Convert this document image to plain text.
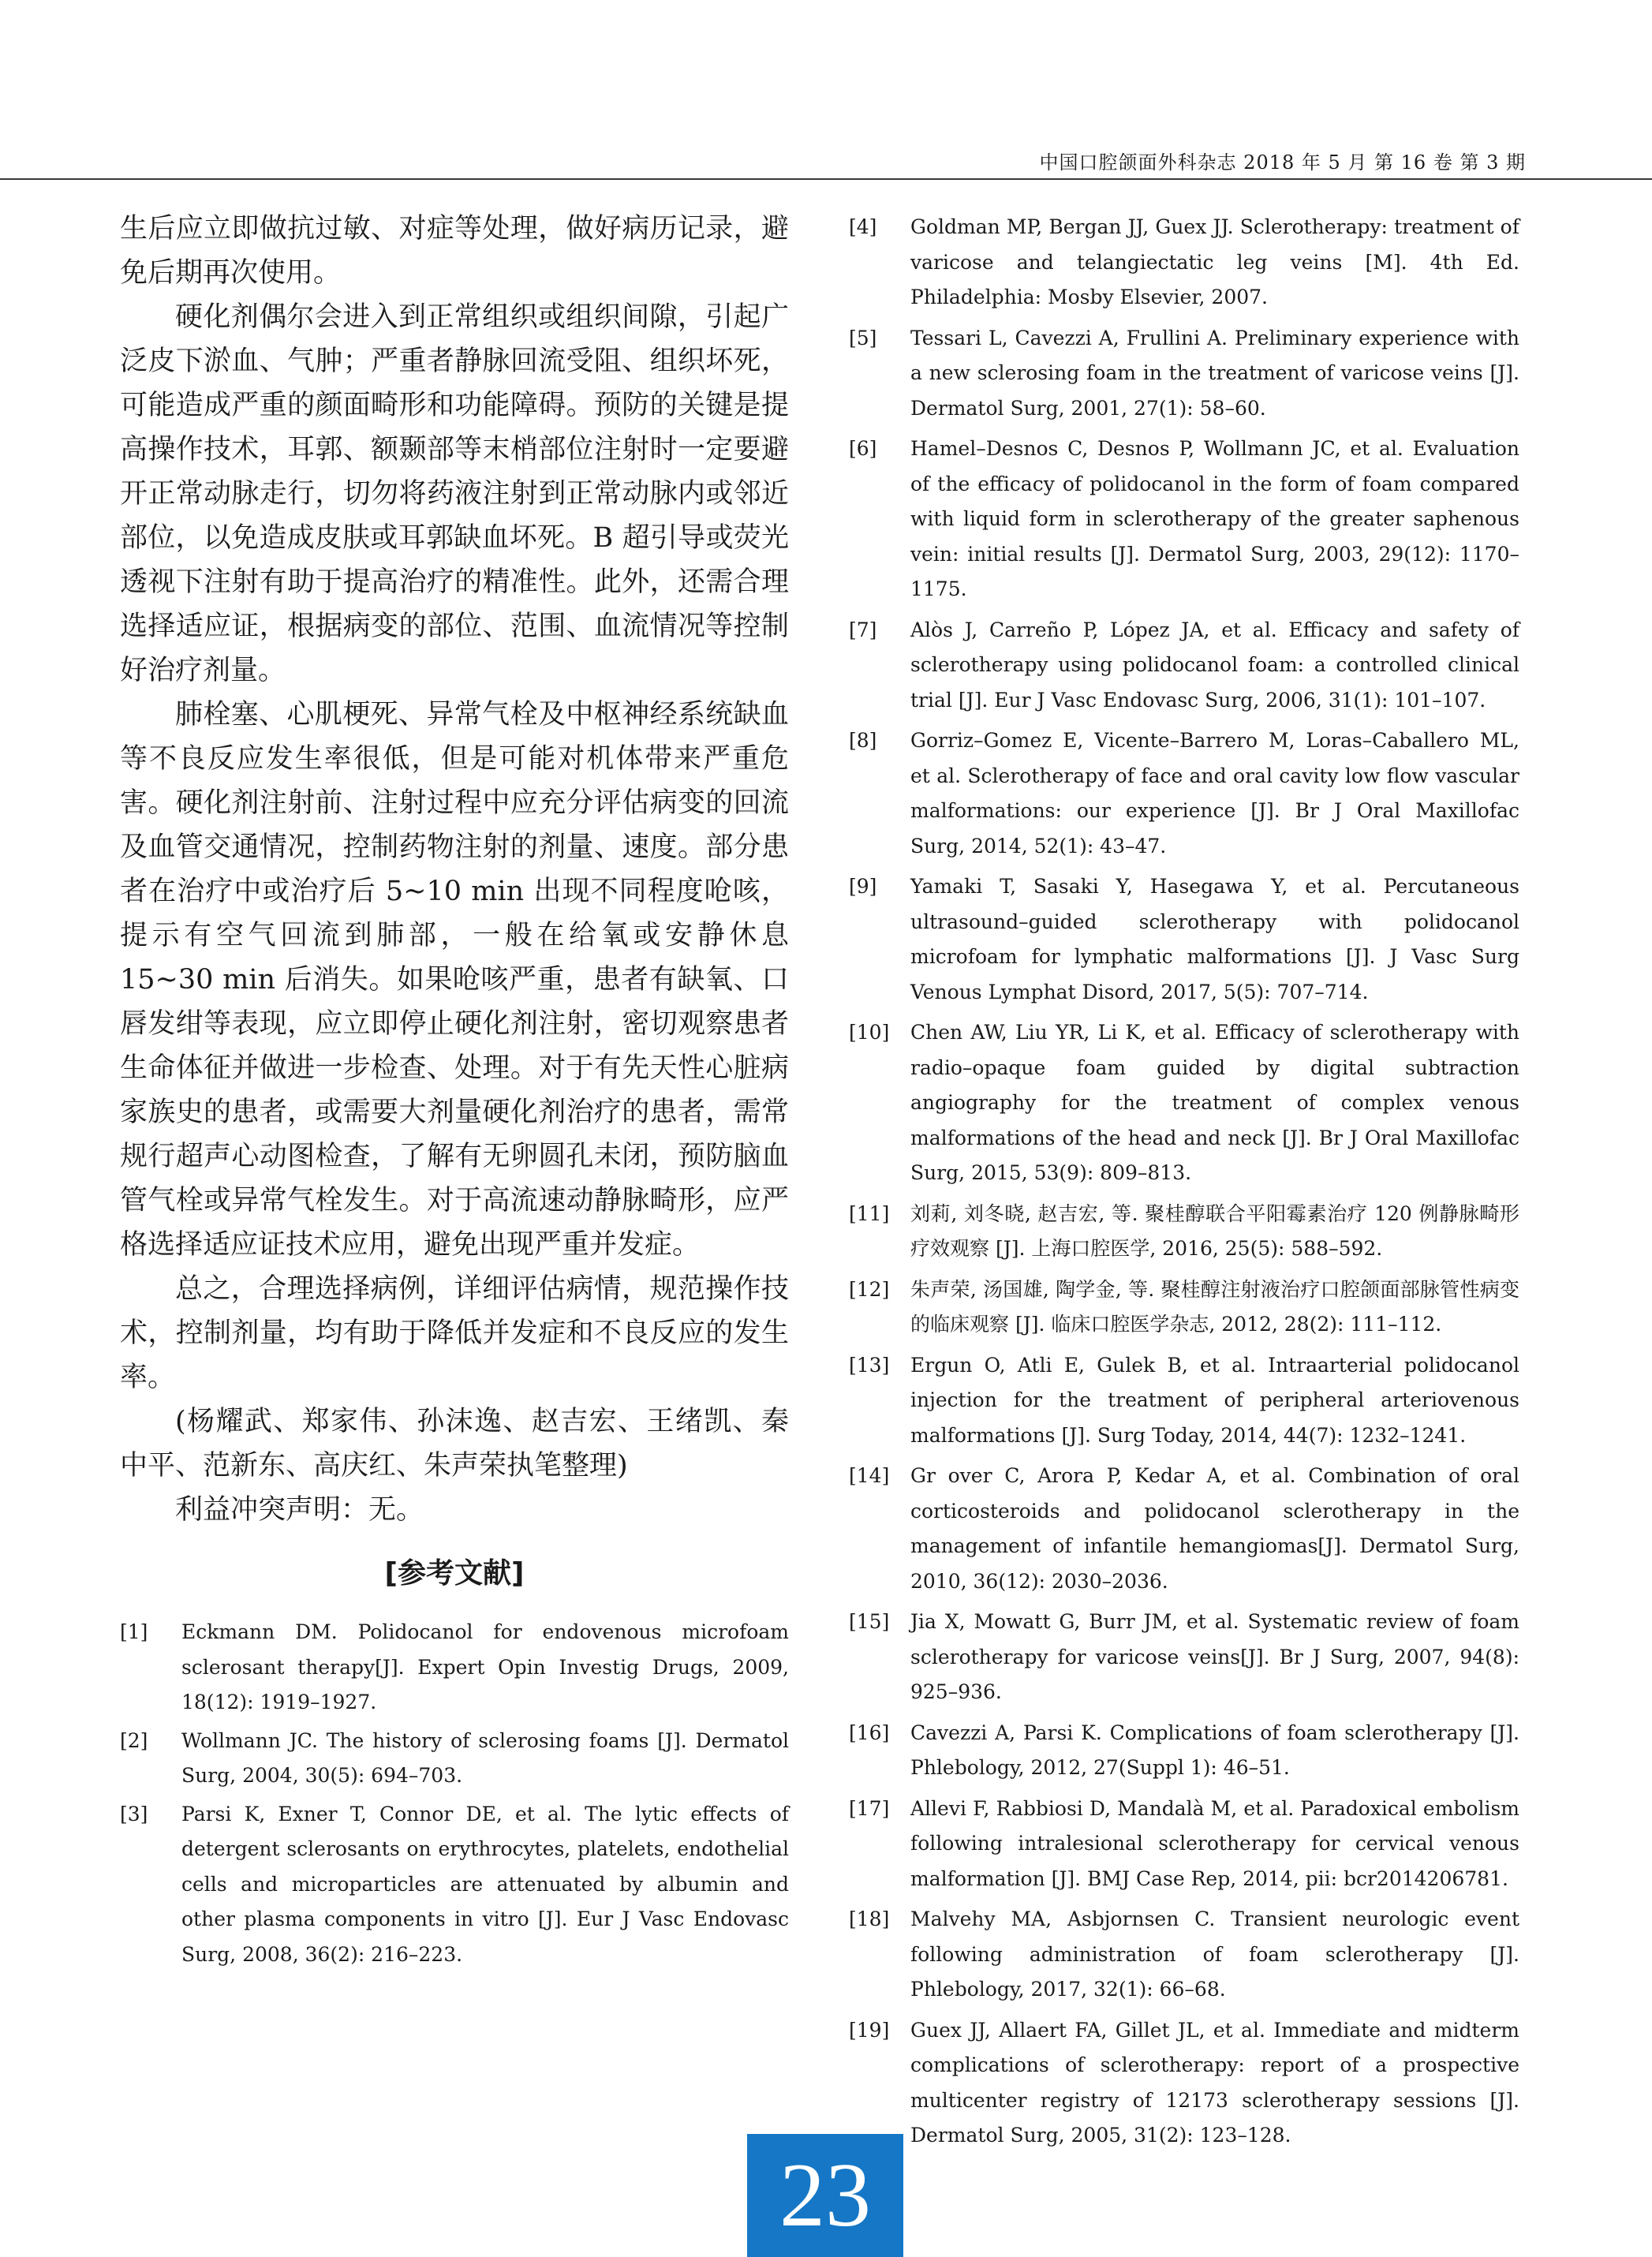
中国口腔颌面外科杂志 2018 年 5 月 第 16 卷 第 3 期

生后应立即做抗过敏、对症等处理，做好病历记录，避免后期再次使用。

硬化剂偶尔会进入到正常组织或组织间隙，引起广泛皮下淤血、气肿；严重者静脉回流受阻、组织坏死，可能造成严重的颜面畸形和功能障碍。预防的关键是提高操作技术，耳郭、额颞部等末梢部位注射时一定要避开正常动脉走行，切勿将药液注射到正常动脉内或邻近部位，以免造成皮肤或耳郭缺血坏死。B 超引导或荧光透视下注射有助于提高治疗的精准性。此外，还需合理选择适应证，根据病变的部位、范围、血流情况等控制好治疗剂量。

肺栓塞、心肌梗死、异常气栓及中枢神经系统缺血等不良反应发生率很低，但是可能对机体带来严重危害。硬化剂注射前、注射过程中应充分评估病变的回流及血管交通情况，控制药物注射的剂量、速度。部分患者在治疗中或治疗后 5~10 min 出现不同程度呛咳，提示有空气回流到肺部，一般在给氧或安静休息 15~30 min 后消失。如果呛咳严重，患者有缺氧、口唇发绀等表现，应立即停止硬化剂注射，密切观察患者生命体征并做进一步检查、处理。对于有先天性心脏病家族史的患者，或需要大剂量硬化剂治疗的患者，需常规行超声心动图检查，了解有无卵圆孔未闭，预防脑血管气栓或异常气栓发生。对于高流速动静脉畸形，应严格选择适应证技术应用，避免出现严重并发症。

总之，合理选择病例，详细评估病情，规范操作技术，控制剂量，均有助于降低并发症和不良反应的发生率。

(杨耀武、郑家伟、孙沫逸、赵吉宏、王绪凯、秦中平、范新东、高庆红、朱声荣执笔整理)

利益冲突声明：无。

[参考文献]
[1]	Eckmann DM. Polidocanol for endovenous microfoam sclerosant therapy[J]. Expert Opin Investig Drugs, 2009, 18(12): 1919–1927.
[2]	Wollmann JC. The history of sclerosing foams [J]. Dermatol Surg, 2004, 30(5): 694–703.
[3]	Parsi K, Exner T, Connor DE, et al. The lytic effects of detergent sclerosants on erythrocytes, platelets, endothelial cells and microparticles are attenuated by albumin and other plasma components in vitro [J]. Eur J Vasc Endovasc Surg, 2008, 36(2): 216–223.
[4]	Goldman MP, Bergan JJ, Guex JJ. Sclerotherapy: treatment of varicose and telangiectatic leg veins [M]. 4th Ed. Philadelphia: Mosby Elsevier, 2007.
[5]	Tessari L, Cavezzi A, Frullini A. Preliminary experience with a new sclerosing foam in the treatment of varicose veins [J]. Dermatol Surg, 2001, 27(1): 58–60.
[6]	Hamel–Desnos C, Desnos P, Wollmann JC, et al. Evaluation of the efficacy of polidocanol in the form of foam compared with liquid form in sclerotherapy of the greater saphenous vein: initial results [J]. Dermatol Surg, 2003, 29(12): 1170–1175.
[7]	Alòs J, Carreño P, López JA, et al. Efficacy and safety of sclerotherapy using polidocanol foam: a controlled clinical trial [J]. Eur J Vasc Endovasc Surg, 2006, 31(1): 101–107.
[8]	Gorriz–Gomez E, Vicente–Barrero M, Loras–Caballero ML, et al. Sclerotherapy of face and oral cavity low flow vascular malformations: our experience [J]. Br J Oral Maxillofac Surg, 2014, 52(1): 43–47.
[9]	Yamaki T, Sasaki Y, Hasegawa Y, et al. Percutaneous ultrasound–guided sclerotherapy with polidocanol microfoam for lymphatic malformations [J]. J Vasc Surg Venous Lymphat Disord, 2017, 5(5): 707–714.
[10]	Chen AW, Liu YR, Li K, et al. Efficacy of sclerotherapy with radio–opaque foam guided by digital subtraction angiography for the treatment of complex venous malformations of the head and neck [J]. Br J Oral Maxillofac Surg, 2015, 53(9): 809–813.
[11]	刘莉, 刘冬晓, 赵吉宏, 等. 聚桂醇联合平阳霉素治疗 120 例静脉畸形疗效观察 [J]. 上海口腔医学, 2016, 25(5): 588–592.
[12]	朱声荣, 汤国雄, 陶学金, 等. 聚桂醇注射液治疗口腔颌面部脉管性病变的临床观察 [J]. 临床口腔医学杂志, 2012, 28(2): 111–112.
[13]	Ergun O, Atli E, Gulek B, et al. Intraarterial polidocanol injection for the treatment of peripheral arteriovenous malformations [J]. Surg Today, 2014, 44(7): 1232–1241.
[14]	Gr over C, Arora P, Kedar A, et al. Combination of oral corticosteroids and polidocanol sclerotherapy in the management of infantile hemangiomas[J]. Dermatol Surg, 2010, 36(12): 2030–2036.
[15]	Jia X, Mowatt G, Burr JM, et al. Systematic review of foam sclerotherapy for varicose veins[J]. Br J Surg, 2007, 94(8): 925–936.
[16]	Cavezzi A, Parsi K. Complications of foam sclerotherapy [J]. Phlebology, 2012, 27(Suppl 1): 46–51.
[17]	Allevi F, Rabbiosi D, Mandalà M, et al. Paradoxical embolism following intralesional sclerotherapy for cervical venous malformation [J]. BMJ Case Rep, 2014, pii: bcr2014206781.
[18]	Malvehy MA, Asbjornsen C. Transient neurologic event following administration of foam sclerotherapy [J]. Phlebology, 2017, 32(1): 66–68.
[19]	Guex JJ, Allaert FA, Gillet JL, et al. Immediate and midterm complications of sclerotherapy: report of a prospective multicenter registry of 12173 sclerotherapy sessions [J]. Dermatol Surg, 2005, 31(2): 123–128.
23
